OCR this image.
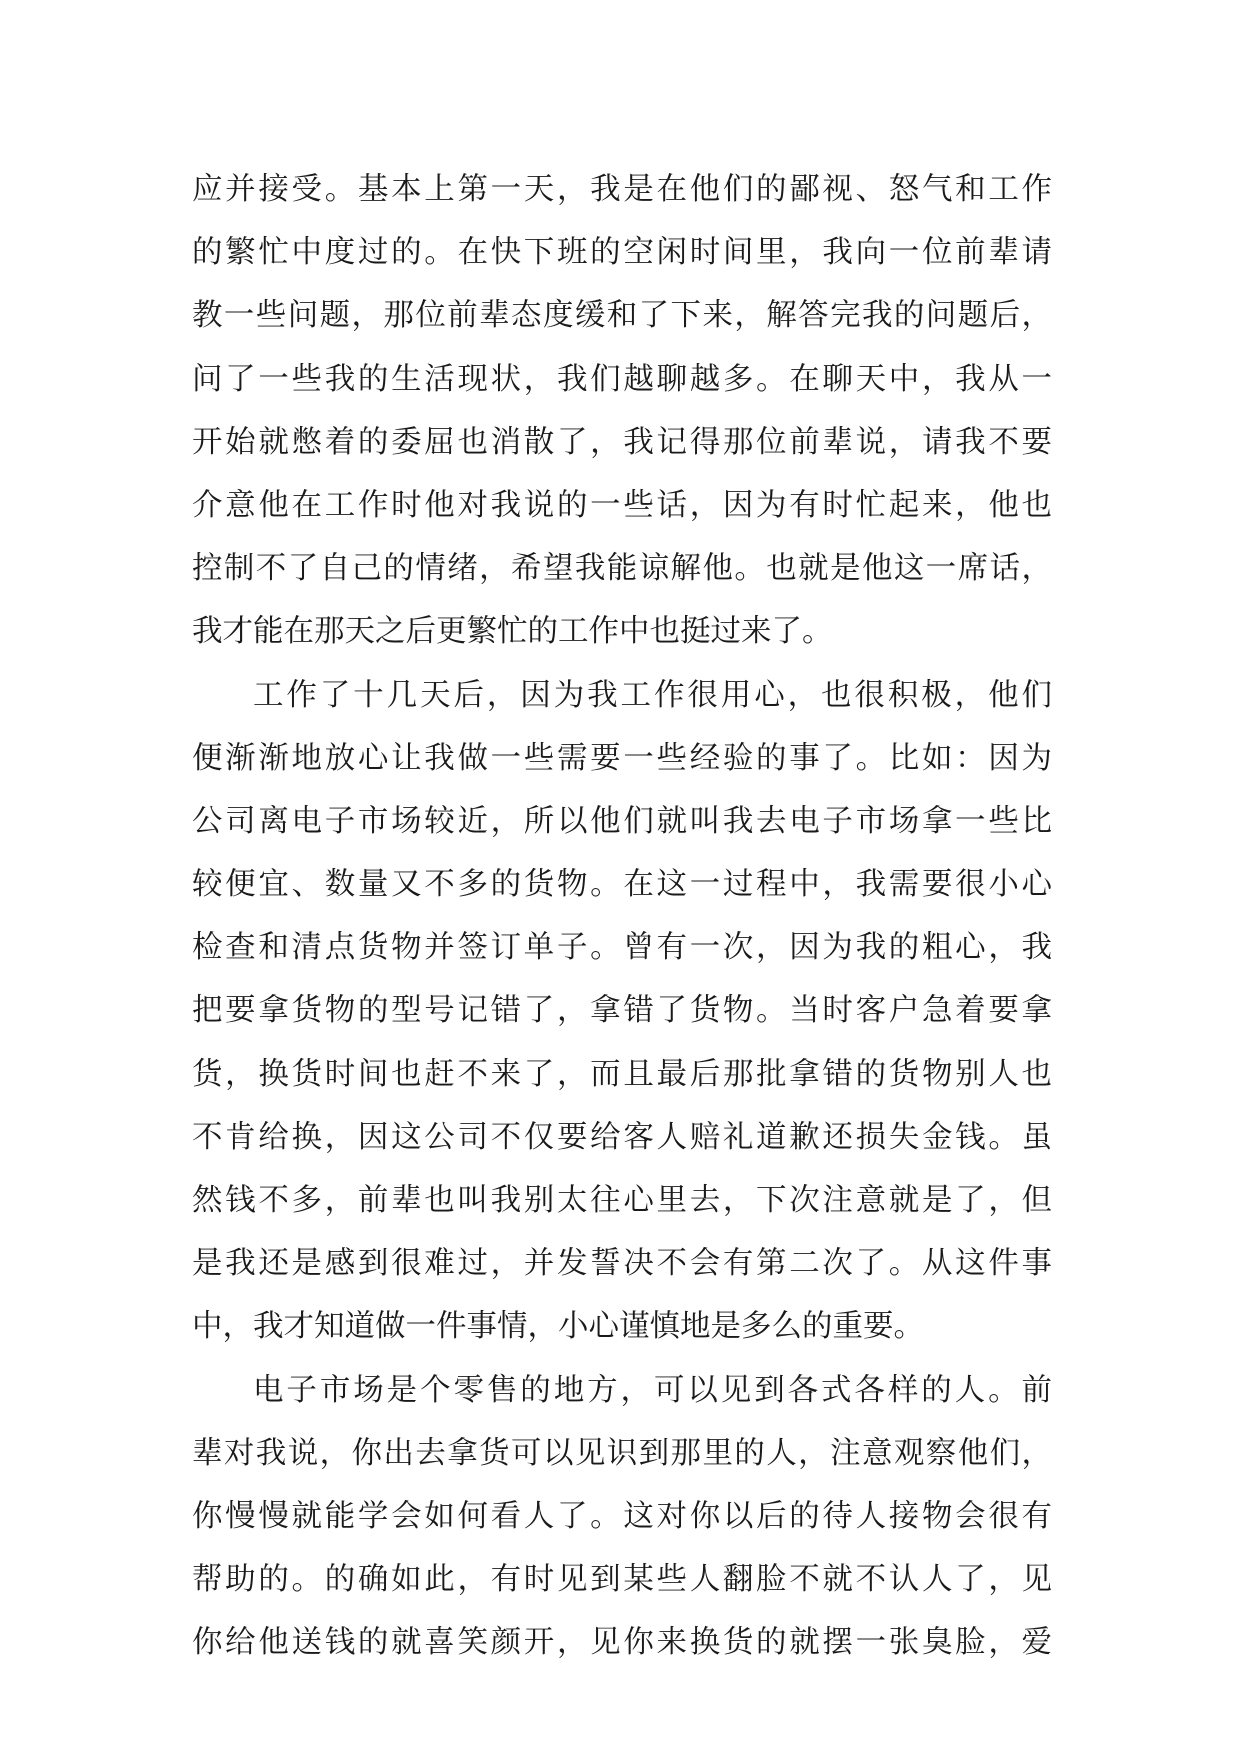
应并接受。基本上第一天，我是在他们的鄙视、怒气和工作
的繁忙中度过的。在快下班的空闲时间里，我向一位前辈请
教一些问题，那位前辈态度缓和了下来，解答完我的问题后，
问了一些我的生活现状，我们越聊越多。在聊天中，我从一
开始就憋着的委屈也消散了，我记得那位前辈说，请我不要
介意他在工作时他对我说的一些话，因为有时忙起来，他也
控制不了自己的情绪，希望我能谅解他。也就是他这一席话，
我才能在那天之后更繁忙的工作中也挺过来了。
工作了十几天后，因为我工作很用心，也很积极，他们
便渐渐地放心让我做一些需要一些经验的事了。比如：因为
公司离电子市场较近，所以他们就叫我去电子市场拿一些比
较便宜、数量又不多的货物。在这一过程中，我需要很小心
检查和清点货物并签订单子。曾有一次，因为我的粗心，我
把要拿货物的型号记错了，拿错了货物。当时客户急着要拿
货，换货时间也赶不来了，而且最后那批拿错的货物别人也
不肯给换，因这公司不仅要给客人赔礼道歉还损失金钱。虽
然钱不多，前辈也叫我别太往心里去，下次注意就是了，但
是我还是感到很难过，并发誓决不会有第二次了。从这件事
中，我才知道做一件事情，小心谨慎地是多么的重要。
电子市场是个零售的地方，可以见到各式各样的人。前
辈对我说，你出去拿货可以见识到那里的人，注意观察他们，
你慢慢就能学会如何看人了。这对你以后的待人接物会很有
帮助的。的确如此，有时见到某些人翻脸不就不认人了，见
你给他送钱的就喜笑颜开，见你来换货的就摆一张臭脸，爱
